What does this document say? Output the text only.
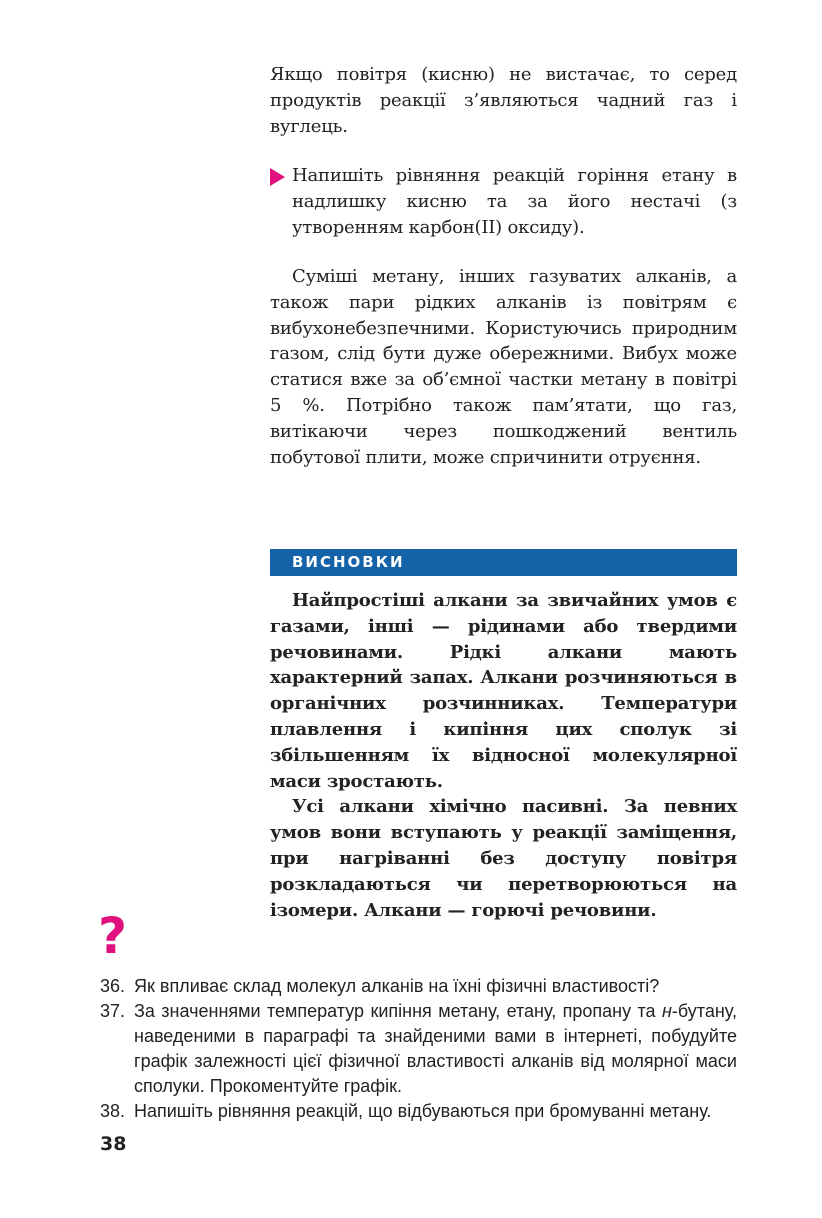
Якщо повітря (кисню) не вистачає, то серед продуктів реакції з’являються чадний газ і вуглець.
Напишіть рівняння реакцій горіння етану в надлишку кисню та за його нестачі (з утворенням карбон(II) оксиду).
Суміші метану, інших газуватих алканів, а також пари рідких алканів із повітрям є вибухонебезпечними. Користуючись природним газом, слід бути дуже обережними. Вибух може статися вже за об’ємної частки метану в повітрі 5 %. Потрібно також пам’ятати, що газ, витікаючи через пошкоджений вентиль побутової плити, може спричинити отруєння.
ВИСНОВКИ

Найпростіші алкани за звичайних умов є газами, інші — рідинами або твердими речовинами. Рідкі алкани мають характерний запах. Алкани розчиняються в органічних розчинниках. Температури плавлення і кипіння цих сполук зі збільшенням їх відносної молекулярної маси зростають.

Усі алкани хімічно пасивні. За певних умов вони вступають у реакції заміщення, при нагріванні без доступу повітря розкладаються чи перетворюються на ізомери. Алкани — горючі речовини.

?
36. Як впливає склад молекул алканів на їхні фізичні властивості?
37. За значеннями температур кипіння метану, етану, пропану та н-бутану, наведеними в параграфі та знайденими вами в інтернеті, побудуйте графік залежності цієї фізичної властивості алканів від молярної маси сполуки. Прокоментуйте графік.
38. Напишіть рівняння реакцій, що відбуваються при бромуванні метану.
38
